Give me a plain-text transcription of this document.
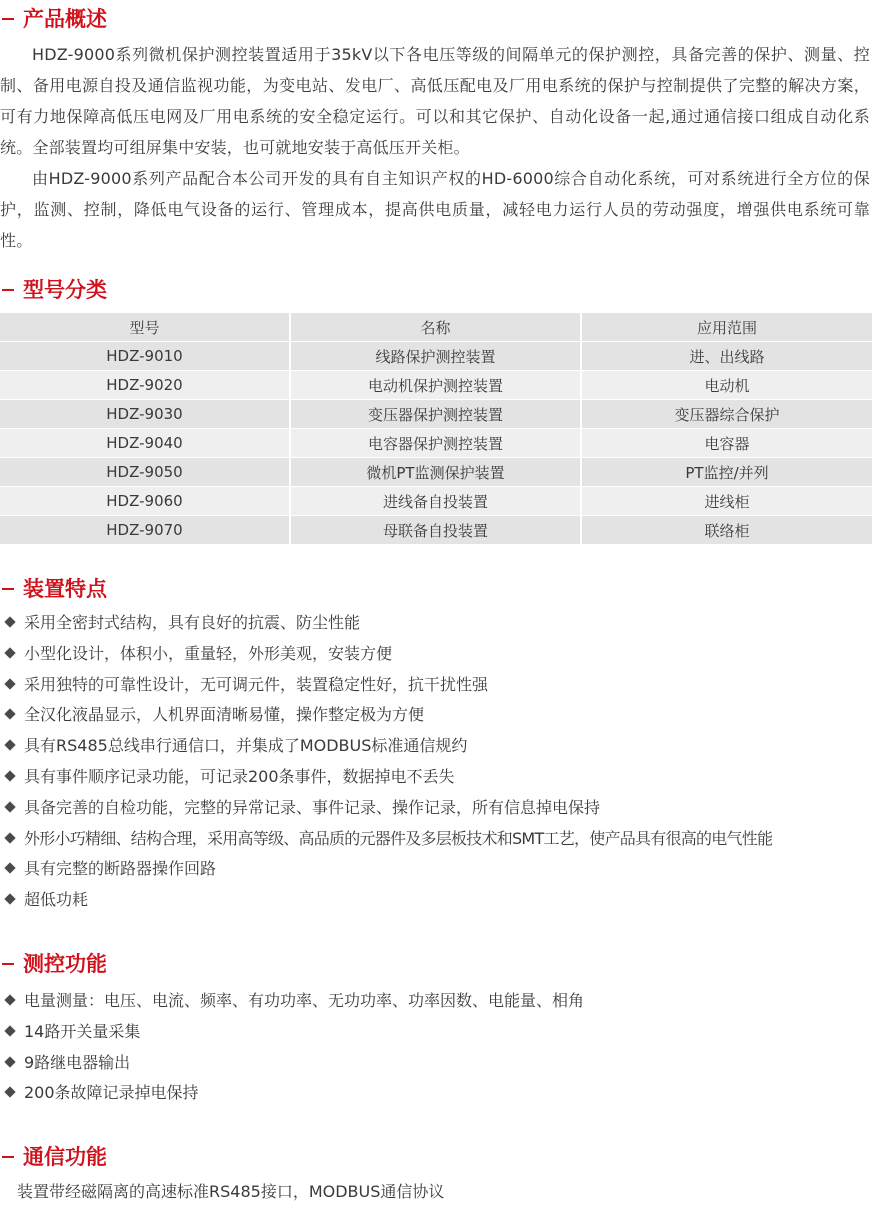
产品概述
HDZ-9000系列微机保护测控装置适用于35kV以下各电压等级的间隔单元的保护测控，具备完善的保护、测量、控制、备用电源自投及通信监视功能，为变电站、发电厂、高低压配电及厂用电系统的保护与控制提供了完整的解决方案，可有力地保障高低压电网及厂用电系统的安全稳定运行。可以和其它保护、自动化设备一起,通过通信接口组成自动化系统。全部装置均可组屏集中安装，也可就地安装于高低压开关柜。
由HDZ-9000系列产品配合本公司开发的具有自主知识产权的HD-6000综合自动化系统，可对系统进行全方位的保护，监测、控制，降低电气设备的运行、管理成本，提高供电质量，减轻电力运行人员的劳动强度，增强供电系统可靠性。
型号分类
型号	名称	应用范围
HDZ-9010	线路保护测控装置	进、出线路
HDZ-9020	电动机保护测控装置	电动机
HDZ-9030	变压器保护测控装置	变压器综合保护
HDZ-9040	电容器保护测控装置	电容器
HDZ-9050	微机PT监测保护装置	PT监控/并列
HDZ-9060	进线备自投装置	进线柜
HDZ-9070	母联备自投装置	联络柜
装置特点
采用全密封式结构，具有良好的抗震、防尘性能
小型化设计，体积小，重量轻，外形美观，安装方便
采用独特的可靠性设计，无可调元件，装置稳定性好，抗干扰性强
全汉化液晶显示，人机界面清晰易懂，操作整定极为方便
具有RS485总线串行通信口，并集成了MODBUS标准通信规约
具有事件顺序记录功能，可记录200条事件，数据掉电不丢失
具备完善的自检功能，完整的异常记录、事件记录、操作记录，所有信息掉电保持
外形小巧精细、结构合理，采用高等级、高品质的元器件及多层板技术和SMT工艺，使产品具有很高的电气性能
具有完整的断路器操作回路
超低功耗
测控功能
电量测量：电压、电流、频率、有功功率、无功功率、功率因数、电能量、相角
14路开关量采集
9路继电器输出
200条故障记录掉电保持
通信功能
装置带经磁隔离的高速标准RS485接口，MODBUS通信协议
